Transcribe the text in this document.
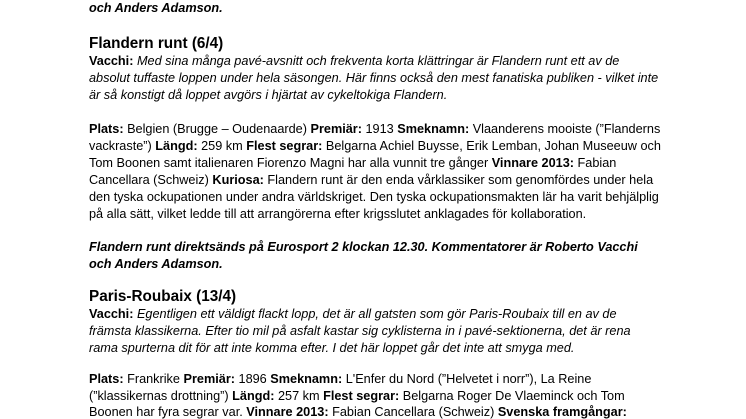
och Anders Adamson.
Flandern runt (6/4)
Vacchi: Med sina många pavé-avsnitt och frekventa korta klättringar är Flandern runt ett av de
absolut tuffaste loppen under hela säsongen. Här finns också den mest fanatiska publiken - vilket inte
är så konstigt då loppet avgörs i hjärtat av cykeltokiga Flandern.
Plats: Belgien (Brugge – Oudenaarde) Premiär: 1913 Smeknamn: Vlaanderens mooiste (”Flanderns
vackraste”) Längd: 259 km Flest segrar: Belgarna Achiel Buysse, Erik Lemban, Johan Museeuw och
Tom Boonen samt italienaren Fiorenzo Magni har alla vunnit tre gånger Vinnare 2013: Fabian
Cancellara (Schweiz) Kuriosa: Flandern runt är den enda vårklassiker som genomfördes under hela
den tyska ockupationen under andra världskriget. Den tyska ockupationsmakten lär ha varit behjälplig
på alla sätt, vilket ledde till att arrangörerna efter krigsslutet anklagades för kollaboration.
Flandern runt direktsänds på Eurosport 2 klockan 12.30. Kommentatorer är Roberto Vacchi
och Anders Adamson.
Paris-Roubaix (13/4)
Vacchi: Egentligen ett väldigt flackt lopp, det är all gatsten som gör Paris-Roubaix till en av de
främsta klassikerna. Efter tio mil på asfalt kastar sig cyklisterna in i pavé-sektionerna, det är rena
rama spurterna dit för att inte komma efter. I det här loppet går det inte att smyga med.
Plats: Frankrike Premiär: 1896 Smeknamn: L'Enfer du Nord (”Helvetet i norr”), La Reine
(”klassikernas drottning”) Längd: 257 km Flest segrar: Belgarna Roger De Vlaeminck och Tom
Boonen har fyra segrar var. Vinnare 2013: Fabian Cancellara (Schweiz) Svenska framgångar:
